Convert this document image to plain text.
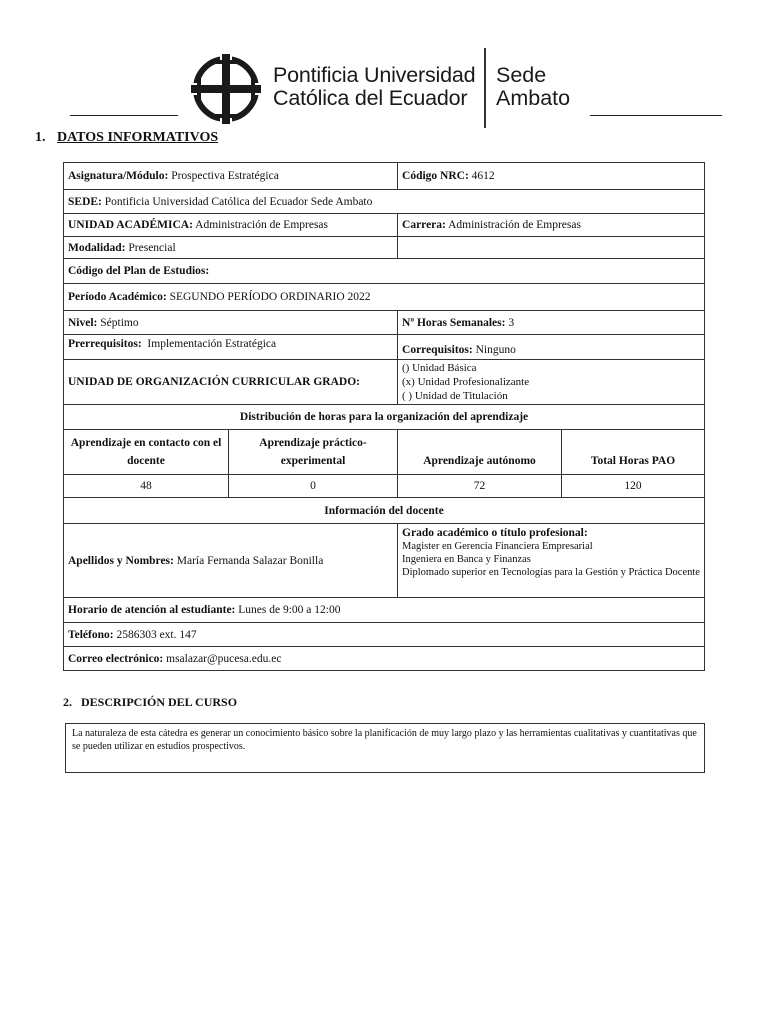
Pontificia Universidad
Católica del Ecuador
Sede
Ambato
1. DATOS INFORMATIVOS
Asignatura/Módulo: Prospectiva Estratégica		Código NRC: 4612	
SEDE: Pontificia Universidad Católica del Ecuador Sede Ambato			
UNIDAD ACADÉMICA: Administración de Empresas		Carrera: Administración de Empresas	
Modalidad: Presencial			
Código del Plan de Estudios:			
Período Académico: SEGUNDO PERÍODO ORDINARIO 2022			
Nivel: Séptimo		Nº Horas Semanales: 3	
Prerrequisitos: Implementación Estratégica		Correquisitos: Ninguno	
UNIDAD DE ORGANIZACIÓN CURRICULAR GRADO:		() Unidad Básica
(x) Unidad Profesionalizante
( ) Unidad de Titulación	

Distribución de horas para la organización del aprendizaje			
Aprendizaje en contacto con el docente	Aprendizaje práctico-experimental	Aprendizaje autónomo	Total Horas PAO
48	0	72	120
Información del docente			
Apellidos y Nombres: María Fernanda Salazar Bonilla		Grado académico o título profesional:
Magister en Gerencia Financiera Empresarial
Ingeniera en Banca y Finanzas
Diplomado superior en Tecnologías para la Gestión y Práctica Docente	

Horario de atención al estudiante: Lunes de 9:00 a 12:00			
Teléfono: 2586303 ext. 147			
Correo electrónico: msalazar@pucesa.edu.ec			
2. DESCRIPCIÓN DEL CURSO
La naturaleza de esta cátedra es generar un conocimiento básico sobre la planificación de muy largo plazo y las herramientas cualitativas y cuantitativas que se pueden utilizar en estudios prospectivos.
